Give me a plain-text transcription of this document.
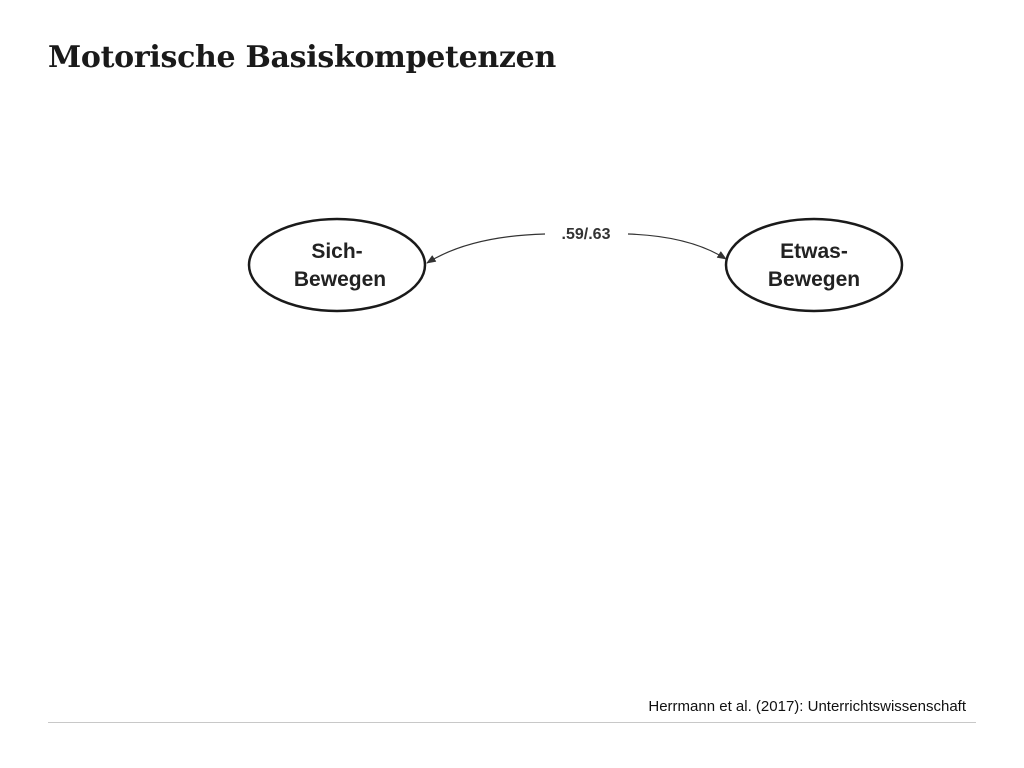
Motorische Basiskompetenzen
Sich-
Bewegen
Etwas-
Bewegen
.59/.63
Herrmann et al. (2017): Unterrichtswissenschaft
